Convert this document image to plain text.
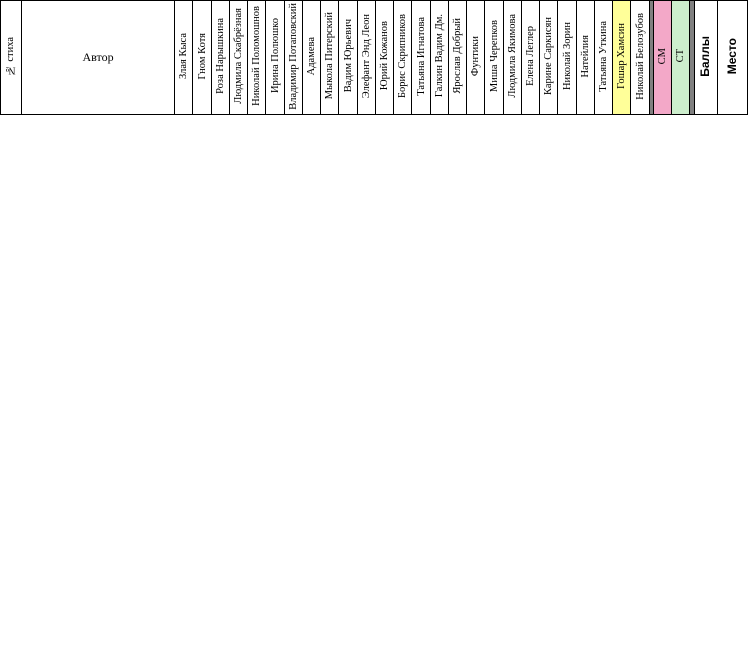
№ стиха	Автор	Злая Кыса	Гном Котя	Роза Нарышкина	Людмила Скабрёзная	Николай Поломошнов	Ирина Полюшко	Владимир Потаповский	Адамева	Мыкола Питерский	Вадим Юрьевич	Элефант Энд Леон	Юрий Кожанов	Борис Скрипников	Татьяна Игнатова	Галкин Вадим Дм.	Ярослав Добрый	Фунтики	Миша Черепков	Людмила Якимова	Елена Леглер	Карине Саркисян	Николай Зорин	Натейлия	Татьяна Уткина	Гошар Хамсин	Николай Белозубов		СМ	СТ		Баллы	Место
